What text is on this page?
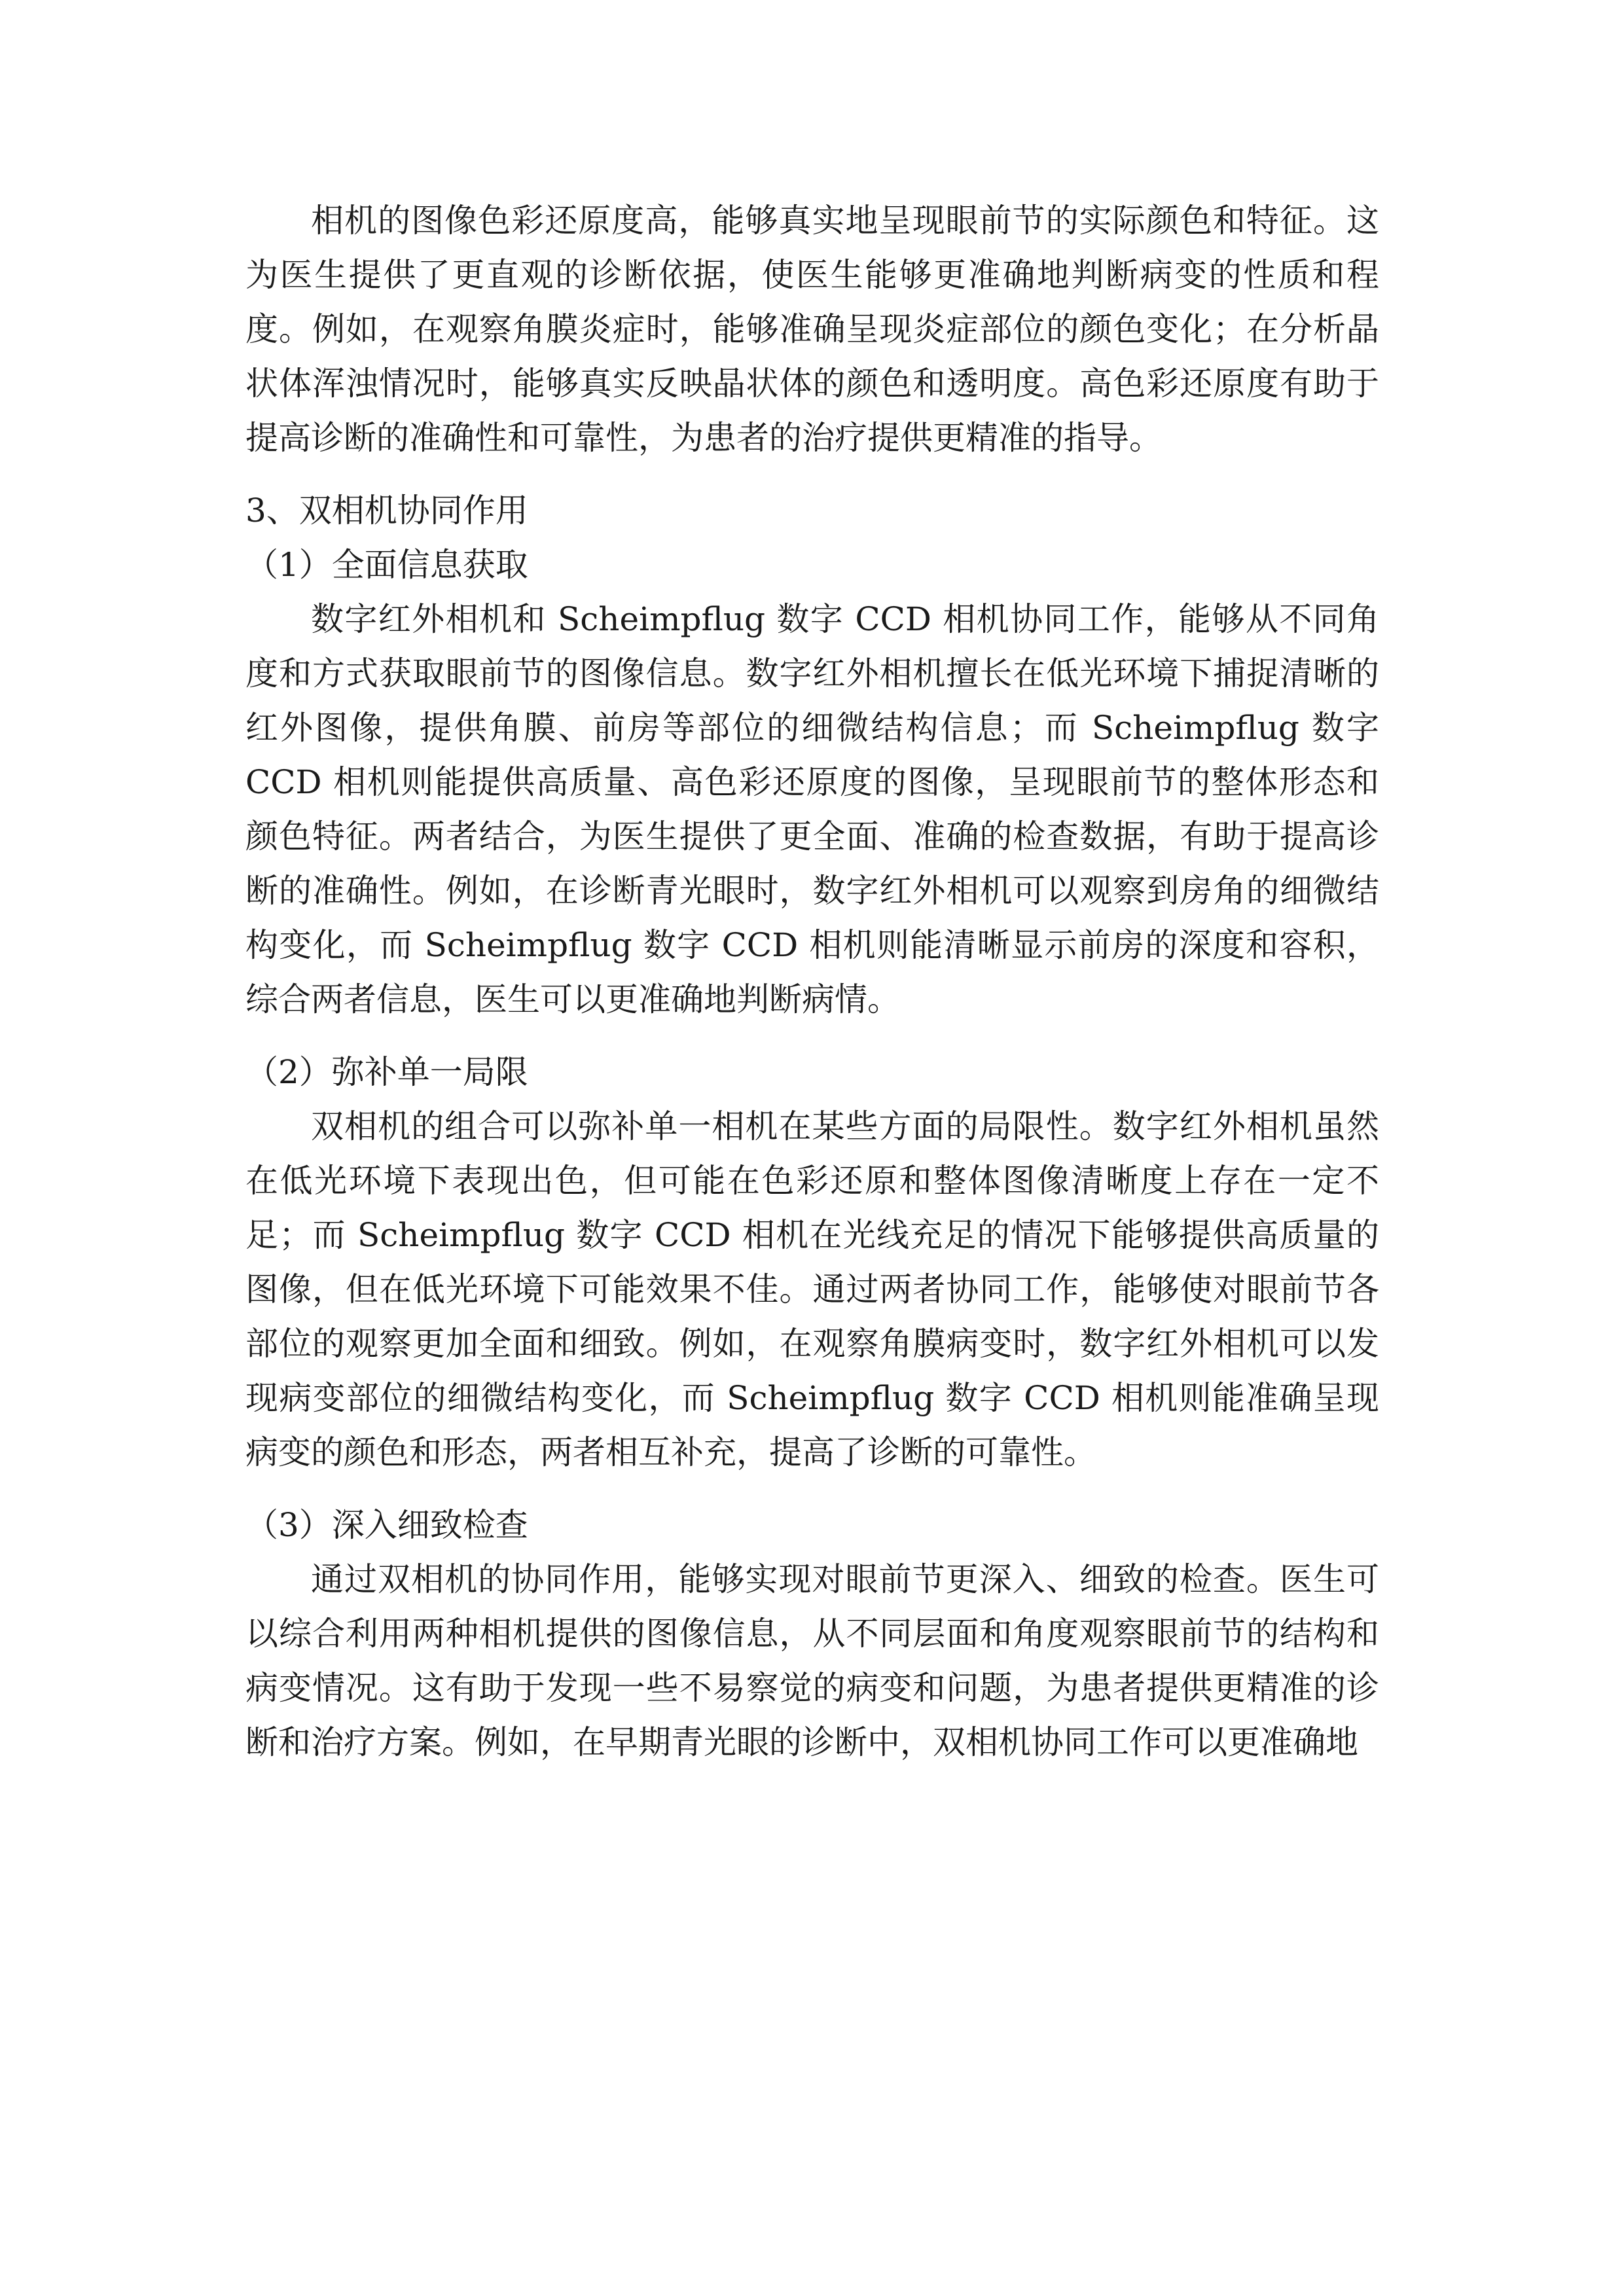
相机的图像色彩还原度高，能够真实地呈现眼前节的实际颜色和特征。这为医生提供了更直观的诊断依据，使医生能够更准确地判断病变的性质和程度。例如，在观察角膜炎症时，能够准确呈现炎症部位的颜色变化；在分析晶状体浑浊情况时，能够真实反映晶状体的颜色和透明度。高色彩还原度有助于提高诊断的准确性和可靠性，为患者的治疗提供更精准的指导。

3、双相机协同作用

（1）全面信息获取

数字红外相机和 Scheimpflug 数字 CCD 相机协同工作，能够从不同角度和方式获取眼前节的图像信息。数字红外相机擅长在低光环境下捕捉清晰的红外图像，提供角膜、前房等部位的细微结构信息；而 Scheimpflug 数字 CCD 相机则能提供高质量、高色彩还原度的图像，呈现眼前节的整体形态和颜色特征。两者结合，为医生提供了更全面、准确的检查数据，有助于提高诊断的准确性。例如，在诊断青光眼时，数字红外相机可以观察到房角的细微结构变化，而 Scheimpflug 数字 CCD 相机则能清晰显示前房的深度和容积，综合两者信息，医生可以更准确地判断病情。

（2）弥补单一局限

双相机的组合可以弥补单一相机在某些方面的局限性。数字红外相机虽然在低光环境下表现出色，但可能在色彩还原和整体图像清晰度上存在一定不足；而 Scheimpflug 数字 CCD 相机在光线充足的情况下能够提供高质量的图像，但在低光环境下可能效果不佳。通过两者协同工作，能够使对眼前节各部位的观察更加全面和细致。例如，在观察角膜病变时，数字红外相机可以发现病变部位的细微结构变化，而 Scheimpflug 数字 CCD 相机则能准确呈现病变的颜色和形态，两者相互补充，提高了诊断的可靠性。

（3）深入细致检查

通过双相机的协同作用，能够实现对眼前节更深入、细致的检查。医生可以综合利用两种相机提供的图像信息，从不同层面和角度观察眼前节的结构和病变情况。这有助于发现一些不易察觉的病变和问题，为患者提供更精准的诊断和治疗方案。例如，在早期青光眼的诊断中，双相机协同工作可以更准确地
